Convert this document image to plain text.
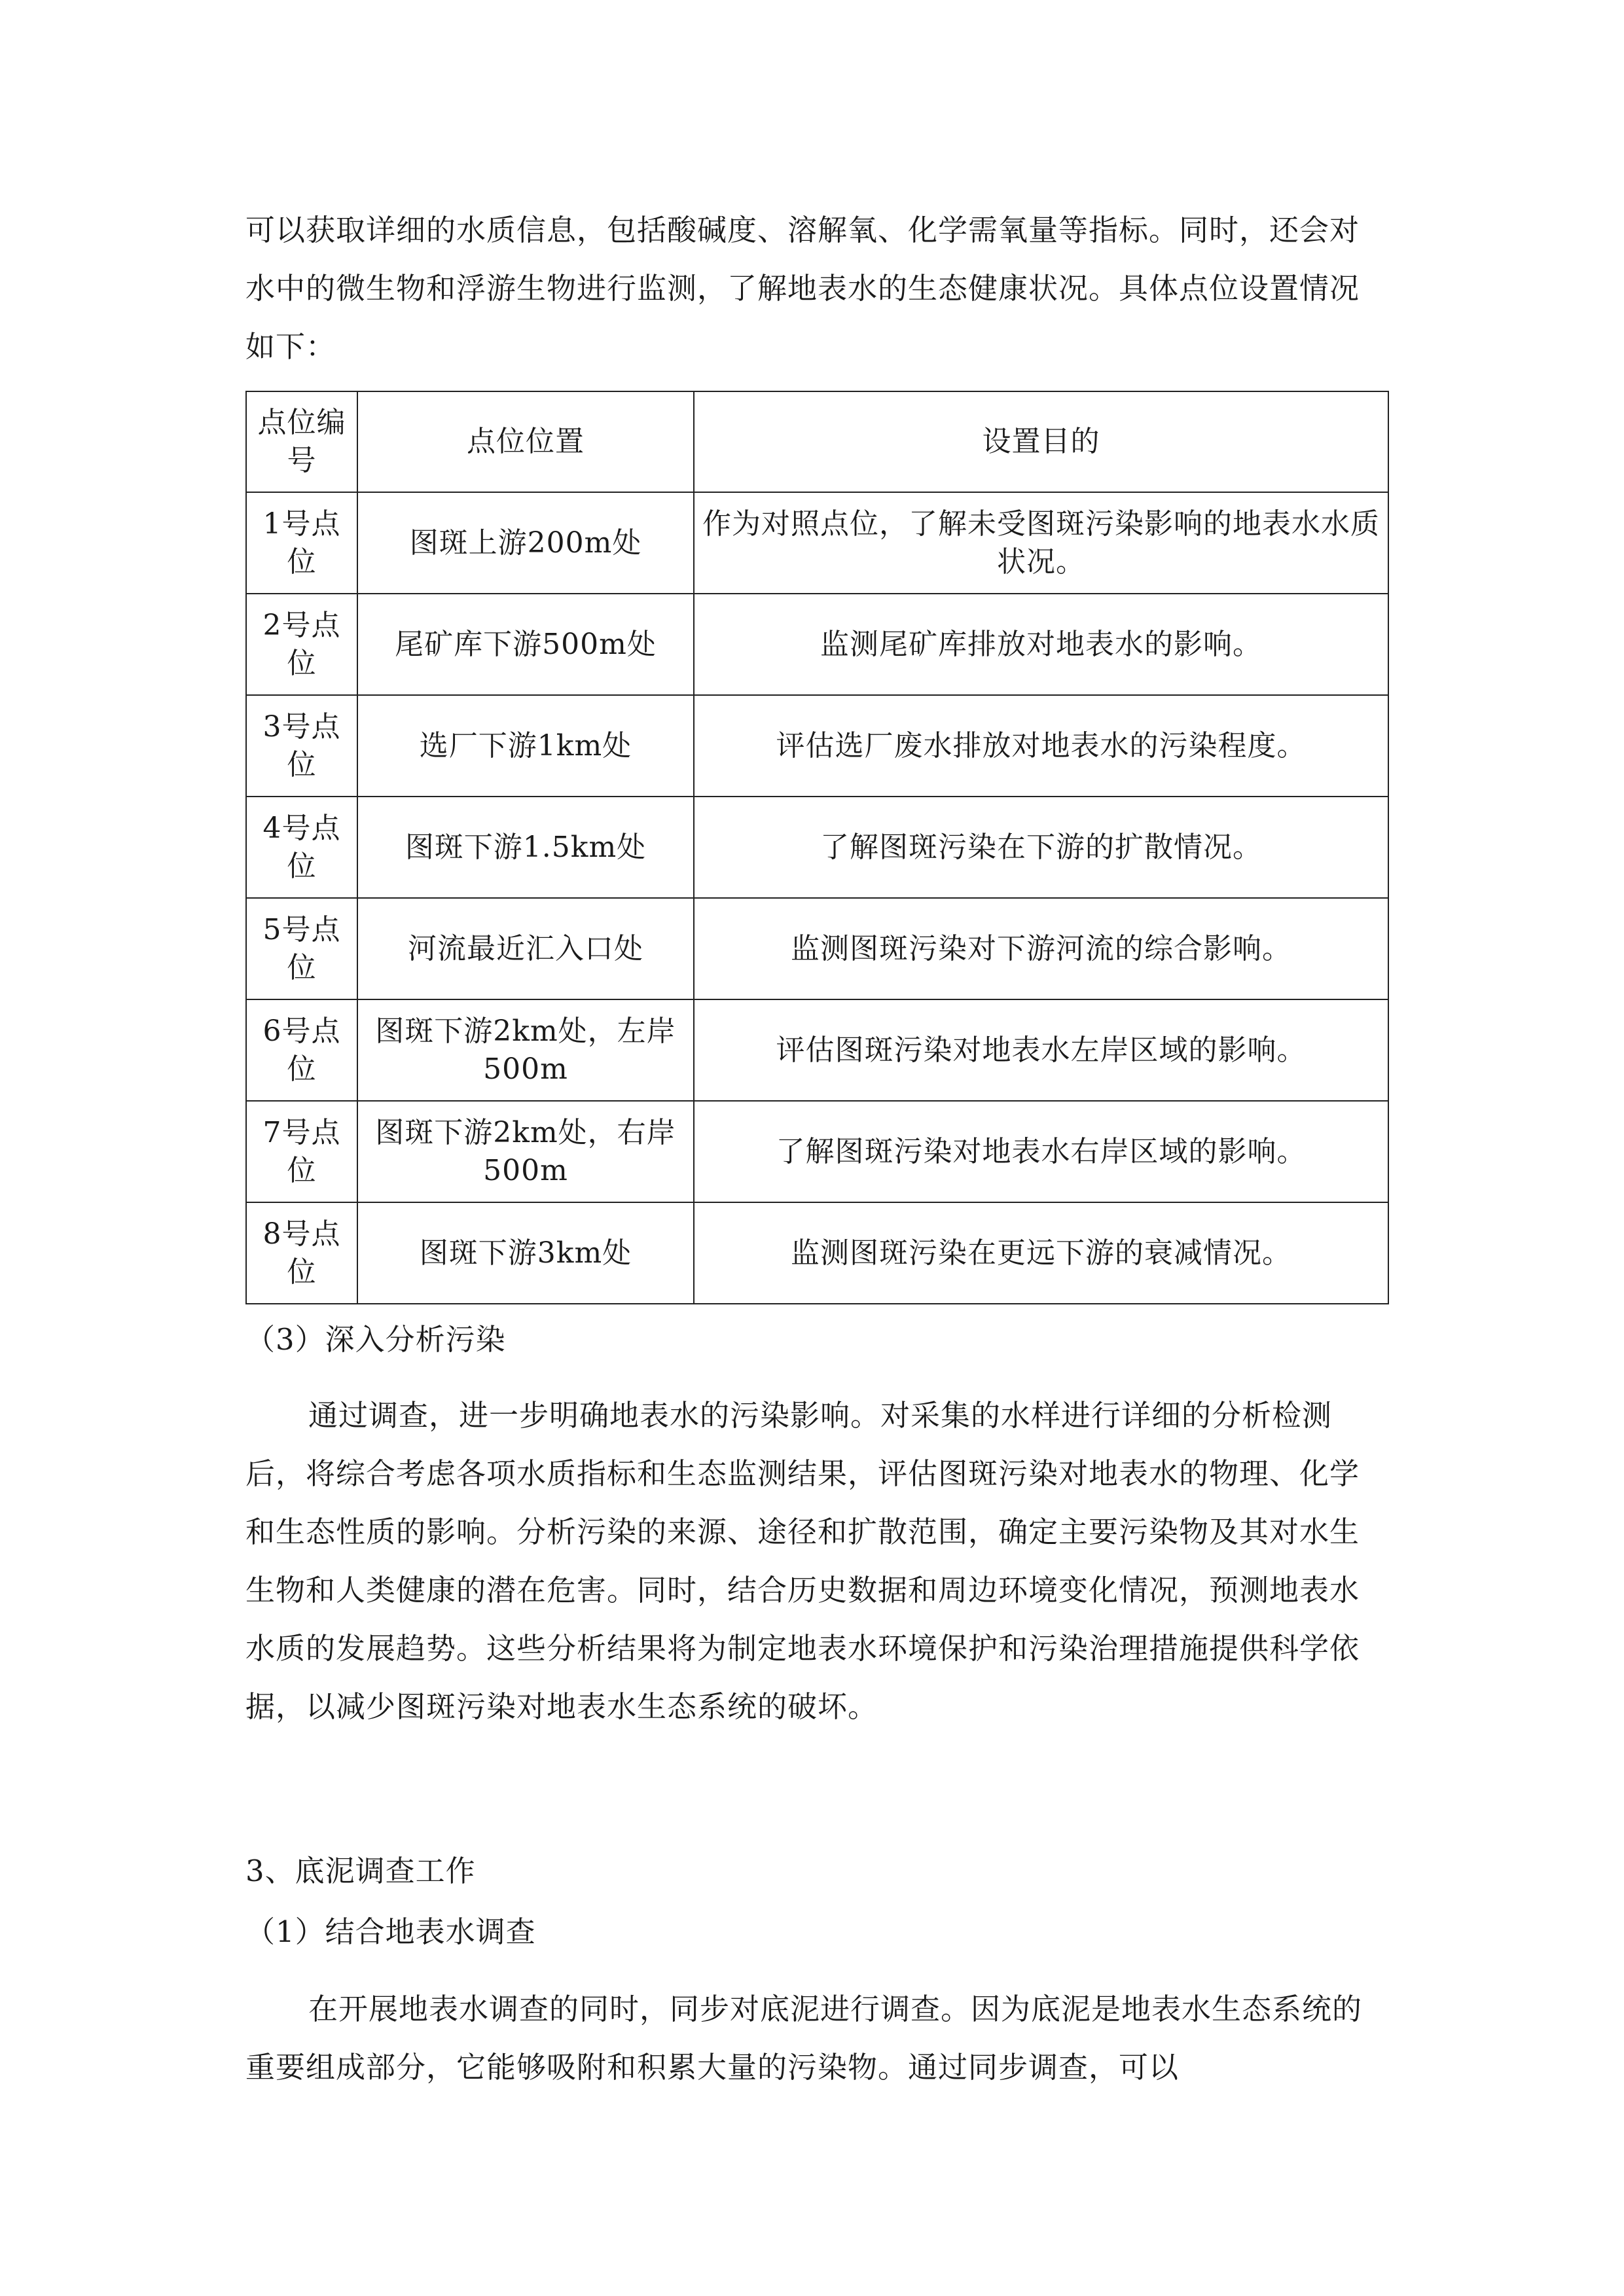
可以获取详细的水质信息，包括酸碱度、溶解氧、化学需氧量等指标。同时，还会对水中的微生物和浮游生物进行监测，了解地表水的生态健康状况。具体点位设置情况如下：
点位编号	点位位置	设置目的
1号点位	图斑上游200m处	作为对照点位，了解未受图斑污染影响的地表水水质状况。
2号点位	尾矿库下游500m处	监测尾矿库排放对地表水的影响。
3号点位	选厂下游1km处	评估选厂废水排放对地表水的污染程度。
4号点位	图斑下游1.5km处	了解图斑污染在下游的扩散情况。
5号点位	河流最近汇入口处	监测图斑污染对下游河流的综合影响。
6号点位	图斑下游2km处，左岸500m	评估图斑污染对地表水左岸区域的影响。
7号点位	图斑下游2km处，右岸500m	了解图斑污染对地表水右岸区域的影响。
8号点位	图斑下游3km处	监测图斑污染在更远下游的衰减情况。
（3）深入分析污染
通过调查，进一步明确地表水的污染影响。对采集的水样进行详细的分析检测后，将综合考虑各项水质指标和生态监测结果，评估图斑污染对地表水的物理、化学和生态性质的影响。分析污染的来源、途径和扩散范围，确定主要污染物及其对水生生物和人类健康的潜在危害。同时，结合历史数据和周边环境变化情况，预测地表水水质的发展趋势。这些分析结果将为制定地表水环境保护和污染治理措施提供科学依据，以减少图斑污染对地表水生态系统的破坏。
3、底泥调查工作
（1）结合地表水调查
在开展地表水调查的同时，同步对底泥进行调查。因为底泥是地表水生态系统的重要组成部分，它能够吸附和积累大量的污染物。通过同步调查，可以
